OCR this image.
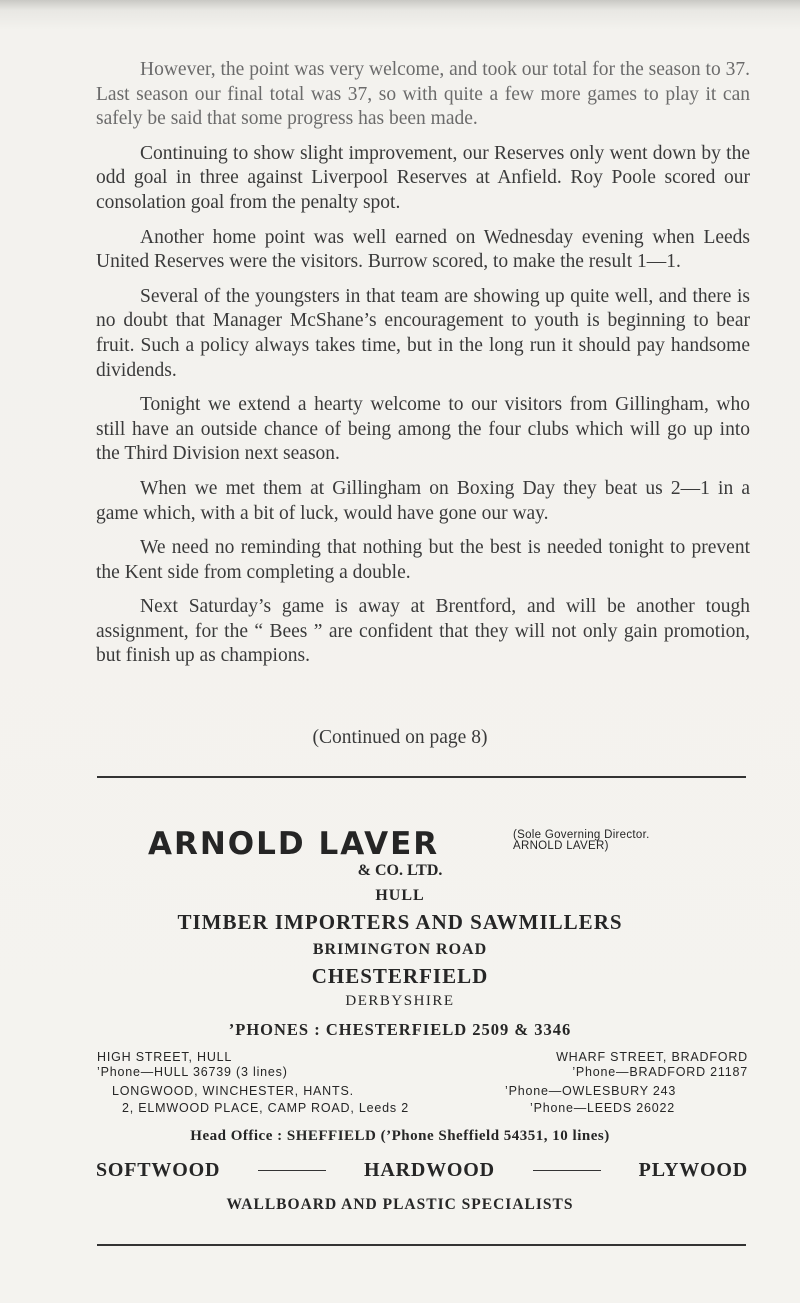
However, the point was very welcome, and took our total for the season to 37. Last season our final total was 37, so with quite a few more games to play it can safely be said that some progress has been made.

Continuing to show slight improvement, our Reserves only went down by the odd goal in three against Liverpool Reserves at Anfield. Roy Poole scored our consolation goal from the penalty spot.

Another home point was well earned on Wednesday evening when Leeds United Reserves were the visitors. Burrow scored, to make the result 1—1.

Several of the youngsters in that team are showing up quite well, and there is no doubt that Manager McShane’s encouragement to youth is beginning to bear fruit. Such a policy always takes time, but in the long run it should pay handsome dividends.

Tonight we extend a hearty welcome to our visitors from Gillingham, who still have an outside chance of being among the four clubs which will go up into the Third Division next season.

When we met them at Gillingham on Boxing Day they beat us 2—1 in a game which, with a bit of luck, would have gone our way.

We need no reminding that nothing but the best is needed tonight to prevent the Kent side from completing a double.

Next Saturday’s game is away at Brentford, and will be another tough assignment, for the “ Bees ” are confident that they will not only gain promotion, but finish up as champions.

(Continued on page 8)
ARNOLD LAVER	(Sole Governing Director.
ARNOLD LAVER)
& CO. LTD.
HULL
TIMBER IMPORTERS AND SAWMILLERS
BRIMINGTON ROAD
CHESTERFIELD
DERBYSHIRE
’PHONES : CHESTERFIELD 2509 & 3346
HIGH STREET, HULL
’Phone—HULL 36739 (3 lines)
WHARF STREET, BRADFORD
’Phone—BRADFORD 21187
LONGWOOD, WINCHESTER, HANTS.	’Phone—OWLESBURY 243
2, ELMWOOD PLACE, CAMP ROAD, Leeds 2	’Phone—LEEDS 26022
Head Office : SHEFFIELD (’Phone Sheffield 54351, 10 lines)
SOFTWOOD	HARDWOOD	PLYWOOD
WALLBOARD AND PLASTIC SPECIALISTS
